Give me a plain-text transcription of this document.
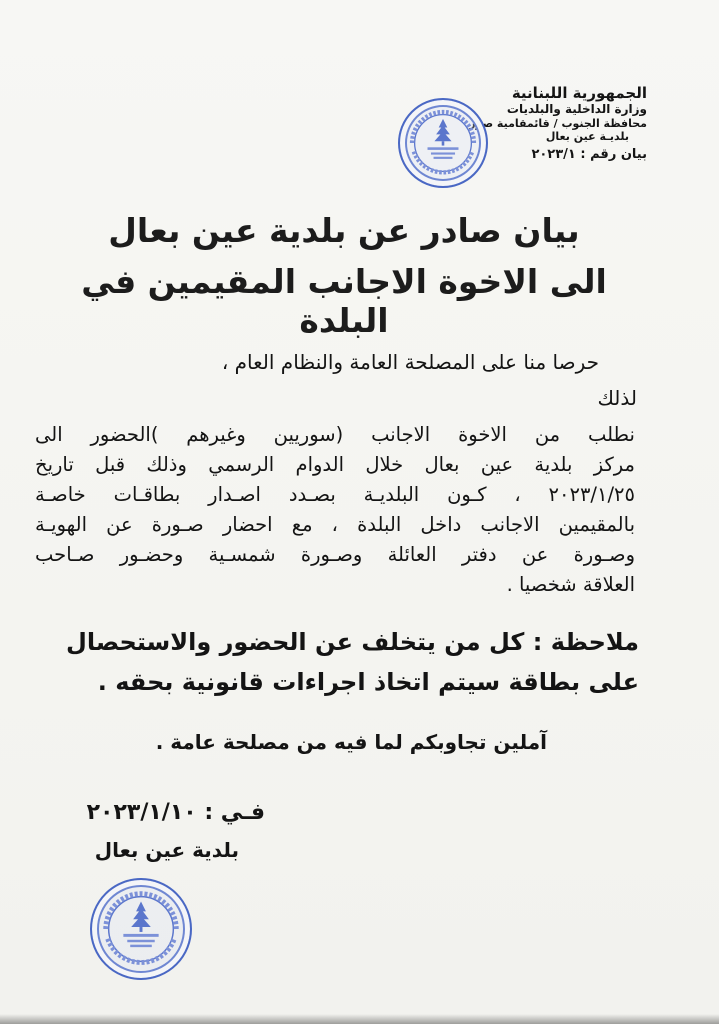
الجمهورية اللبنانية
وزارة الداخلية والبلديات
محافظة الجنوب / قائمقامية صور
بلديـة عين بعال
بيان رقم : ٢٠٢٣/١
بيان صادر عن بلدية عين بعال
الى الاخوة الاجانب المقيمين في البلدة
حرصا منا على المصلحة العامة والنظام العام ،
لذلك
نطلب من الاخوة الاجانب (سوريين وغيرهم )الحضور الى
مركز بلدية عين بعال خلال الدوام الرسمي وذلك قبل تاريخ
٢٠٢٣/١/٢٥ ، كـون البلديـة بصـدد اصـدار بطاقـات خاصـة
بالمقيمين الاجانب داخل البلدة ، مع احضار صـورة عن الهويـة
وصـورة عن دفتر العائلة وصـورة شمسـية وحضـور صـاحب
العلاقة شخصيا .
ملاحظة : كل من يتخلف عن الحضور والاستحصال
على بطاقة سيتم اتخاذ اجراءات قانونية بحقه .
آملين تجاوبكم لما فيه من مصلحة عامة .
فـي : ٢٠٢٣/١/١٠
بلدية عين بعال
